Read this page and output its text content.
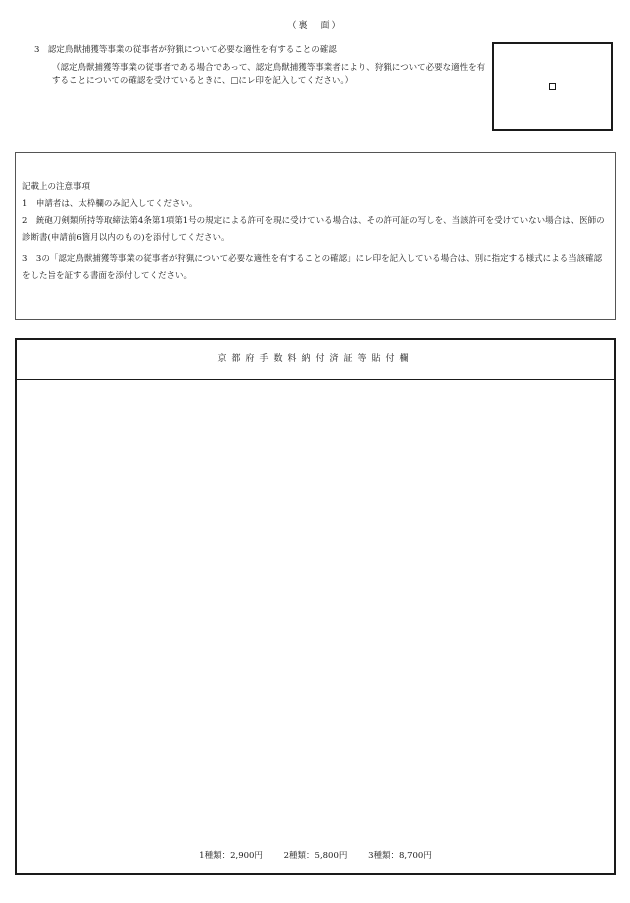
（裏　面）
3　認定鳥獣捕獲等事業の従事者が狩猟について必要な適性を有することの確認
（認定鳥獣捕獲等事業の従事者である場合であって、認定鳥獣捕獲等事業者により、狩猟について必要な適性を有することについての確認を受けているときに、□にレ印を記入してください。）
記載上の注意事項
1　申請者は、太枠欄のみ記入してください。
2　銃砲刀剣類所持等取締法第4条第1項第1号の規定による許可を現に受けている場合は、その許可証の写しを、当該許可を受けていない場合は、医師の診断書(申請前6箇月以内のもの)を添付してください。
3　3の「認定鳥獣捕獲等事業の従事者が狩猟について必要な適性を有することの確認」にレ印を記入している場合は、別に指定する様式による当該確認をした旨を証する書面を添付してください。
京都府手数料納付済証等貼付欄
1種類：2,900円 2種類：5,800円 3種類：8,700円
